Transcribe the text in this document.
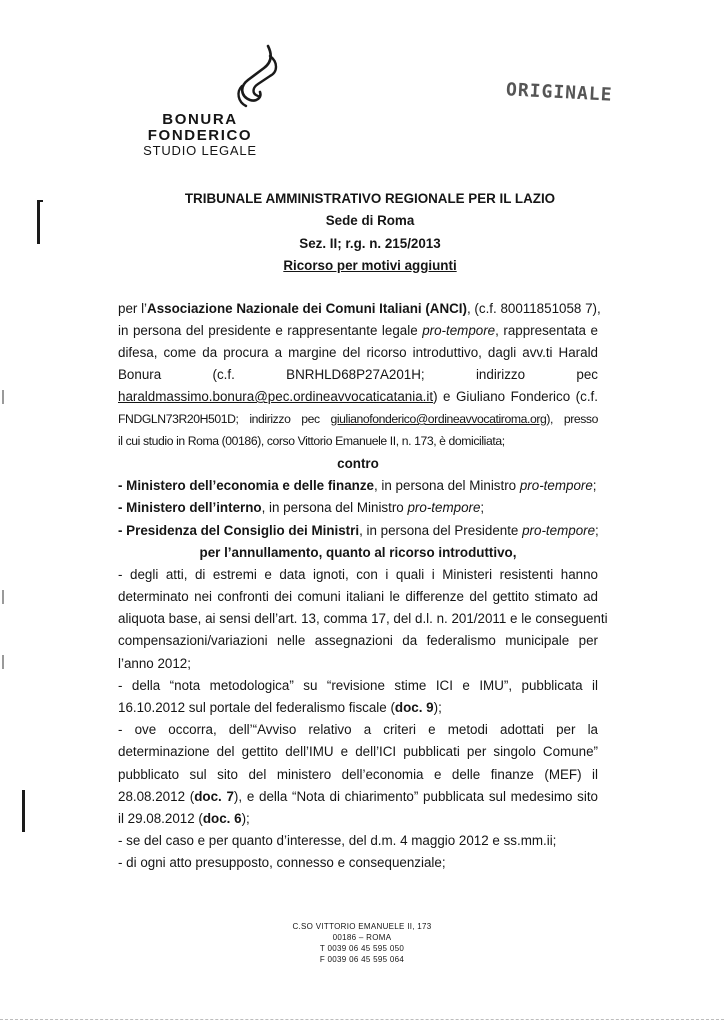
BONURA
FONDERICO
STUDIO LEGALE
ORIGINALE
TRIBUNALE AMMINISTRATIVO REGIONALE PER IL LAZIO
Sede di Roma
Sez. II; r.g. n. 215/2013
Ricorso per motivi aggiunti
per l’Associazione Nazionale dei Comuni Italiani (ANCI), (c.f. 80011851058 7),
in persona del presidente e rappresentante legale pro-tempore, rappresentata e
difesa, come da procura a margine del ricorso introduttivo, dagli avv.ti Harald
Bonura	(c.f.	BNRHLD68P27A201H;	indirizzo	pec
haraldmassimo.bonura@pec.ordineavvocaticatania.it) e Giuliano Fonderico (c.f.
FNDGLN73R20H501D; indirizzo pec giulianofonderico@ordineavvocatiroma.org), presso
il cui studio in Roma (00186), corso Vittorio Emanuele II, n. 173, è domiciliata;
contro
- Ministero dell’economia e delle finanze, in persona del Ministro pro-tempore;
- Ministero dell’interno, in persona del Ministro pro-tempore;
- Presidenza del Consiglio dei Ministri, in persona del Presidente pro-tempore;
per l’annullamento, quanto al ricorso introduttivo,
- degli atti, di estremi e data ignoti, con i quali i Ministeri resistenti hanno
determinato nei confronti dei comuni italiani le differenze del gettito stimato ad
aliquota base, ai sensi dell’art. 13, comma 17, del d.l. n. 201/2011 e le conseguenti
compensazioni/variazioni nelle assegnazioni da federalismo municipale per
l’anno 2012;
- della “nota metodologica” su “revisione stime ICI e IMU”, pubblicata il
16.10.2012 sul portale del federalismo fiscale (doc. 9);
- ove occorra, dell’“Avviso relativo a criteri e metodi adottati per la
determinazione del gettito dell’IMU e dell’ICI pubblicati per singolo Comune”
pubblicato sul sito del ministero dell’economia e delle finanze (MEF) il
28.08.2012 (doc. 7), e della “Nota di chiarimento” pubblicata sul medesimo sito
il 29.08.2012 (doc. 6);
- se del caso e per quanto d’interesse, del d.m. 4 maggio 2012 e ss.mm.ii;
- di ogni atto presupposto, connesso e consequenziale;
C.SO VITTORIO EMANUELE II, 173
00186 – ROMA
T 0039 06 45 595 050
F 0039 06 45 595 064
